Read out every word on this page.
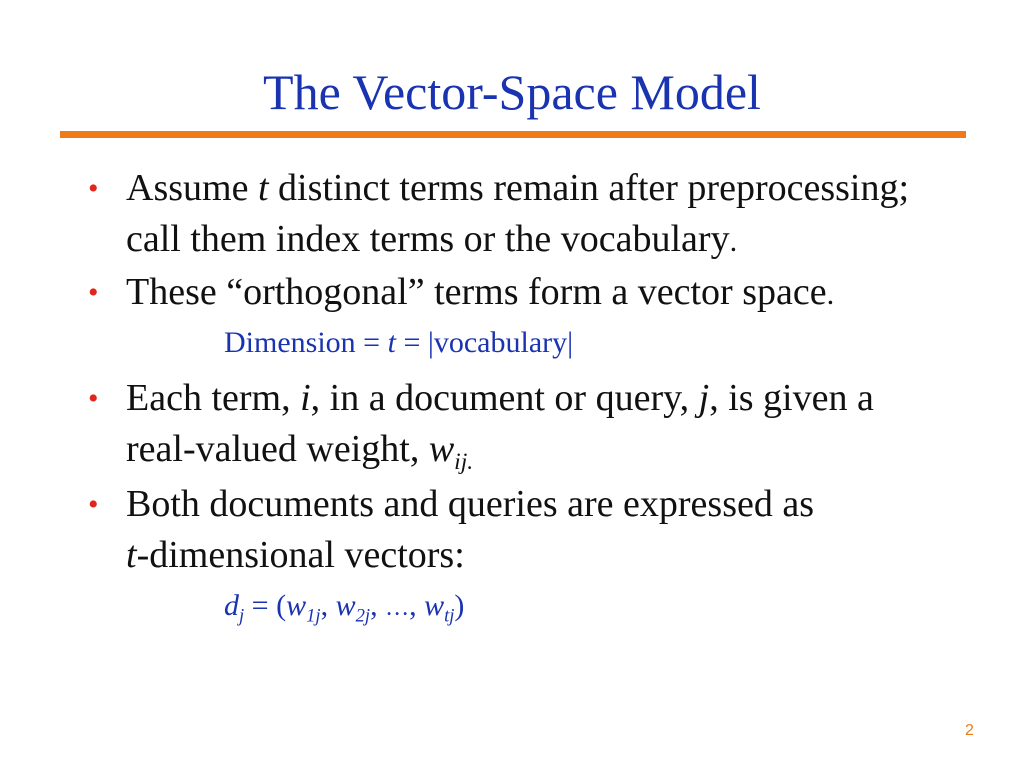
The Vector-Space Model
• Assume t distinct terms remain after preprocessing;
call them index terms or the vocabulary.
• These “orthogonal” terms form a vector space.
Dimension = t = |vocabulary|
• Each term, i, in a document or query, j, is given a
real-valued weight, $w_{ij.}$
• Both documents and queries are expressed as
t-dimensional vectors:
$d_j = (w_{1j}$, $w_{2j}$, …, $w_{tj}$)
2
